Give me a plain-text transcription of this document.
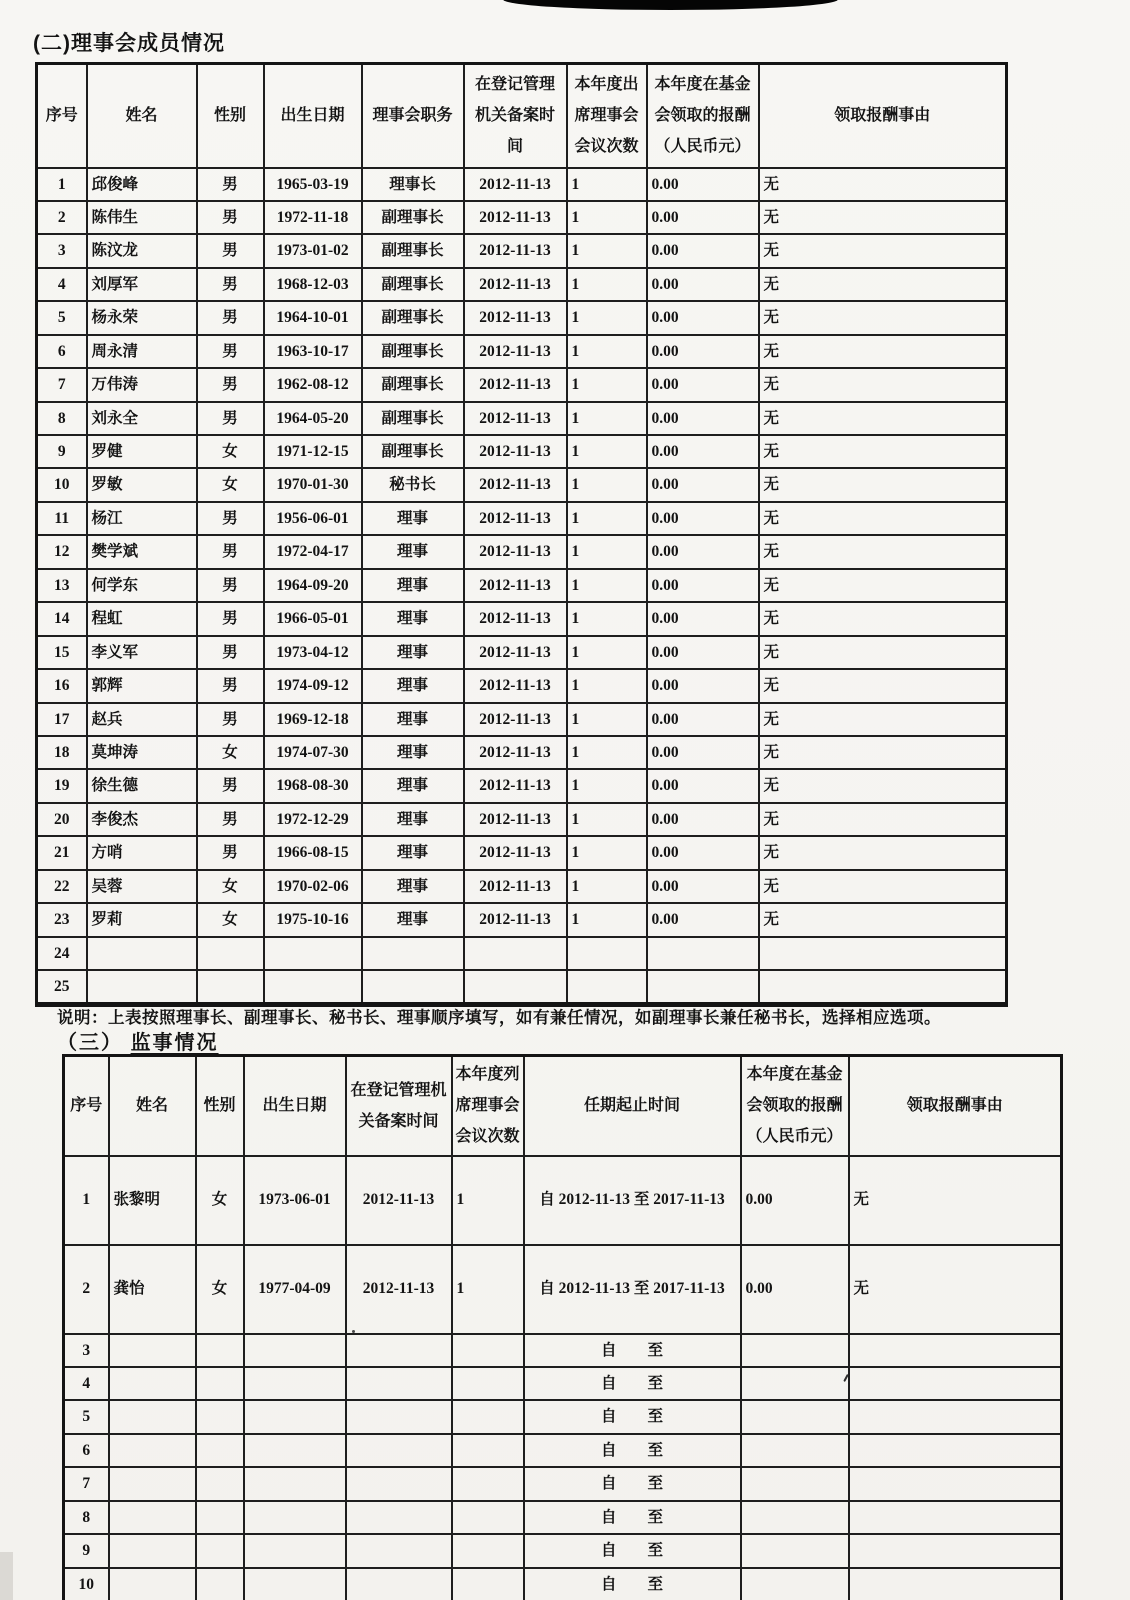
(二)理事会成员情况
序号	姓名	性别	出生日期	理事会职务	在登记管理机关备案时间	本年度出席理事会会议次数	本年度在基金会领取的报酬（人民币元）	领取报酬事由
1	邱俊峰	男	1965-03-19	理事长	2012-11-13	1	0.00	无
2	陈伟生	男	1972-11-18	副理事长	2012-11-13	1	0.00	无
3	陈汶龙	男	1973-01-02	副理事长	2012-11-13	1	0.00	无
4	刘厚军	男	1968-12-03	副理事长	2012-11-13	1	0.00	无
5	杨永荣	男	1964-10-01	副理事长	2012-11-13	1	0.00	无
6	周永清	男	1963-10-17	副理事长	2012-11-13	1	0.00	无
7	万伟涛	男	1962-08-12	副理事长	2012-11-13	1	0.00	无
8	刘永全	男	1964-05-20	副理事长	2012-11-13	1	0.00	无
9	罗健	女	1971-12-15	副理事长	2012-11-13	1	0.00	无
10	罗敏	女	1970-01-30	秘书长	2012-11-13	1	0.00	无
11	杨江	男	1956-06-01	理事	2012-11-13	1	0.00	无
12	樊学斌	男	1972-04-17	理事	2012-11-13	1	0.00	无
13	何学东	男	1964-09-20	理事	2012-11-13	1	0.00	无
14	程虹	男	1966-05-01	理事	2012-11-13	1	0.00	无
15	李义军	男	1973-04-12	理事	2012-11-13	1	0.00	无
16	郭辉	男	1974-09-12	理事	2012-11-13	1	0.00	无
17	赵兵	男	1969-12-18	理事	2012-11-13	1	0.00	无
18	莫坤涛	女	1974-07-30	理事	2012-11-13	1	0.00	无
19	徐生德	男	1968-08-30	理事	2012-11-13	1	0.00	无
20	李俊杰	男	1972-12-29	理事	2012-11-13	1	0.00	无
21	方哨	男	1966-08-15	理事	2012-11-13	1	0.00	无
22	吴蓉	女	1970-02-06	理事	2012-11-13	1	0.00	无
23	罗莉	女	1975-10-16	理事	2012-11-13	1	0.00	无
24								
25								
说明：上表按照理事长、副理事长、秘书长、理事顺序填写，如有兼任情况，如副理事长兼任秘书长，选择相应选项。
（三） 监事情况
序号	姓名	性别	出生日期	在登记管理机关备案时间	本年度列席理事会会议次数	任期起止时间	本年度在基金会领取的报酬（人民币元）	领取报酬事由
1	张黎明	女	1973-06-01	2012-11-13	1	自 2012-11-13 至 2017-11-13	0.00	无
2	龚怡	女	1977-04-09	2012-11-13	1	自 2012-11-13 至 2017-11-13	0.00	无
3						自　　至		
4						自　　至		
5						自　　至		
6						自　　至		
7						自　　至		
8						自　　至		
9						自　　至		
10						自　　至		
